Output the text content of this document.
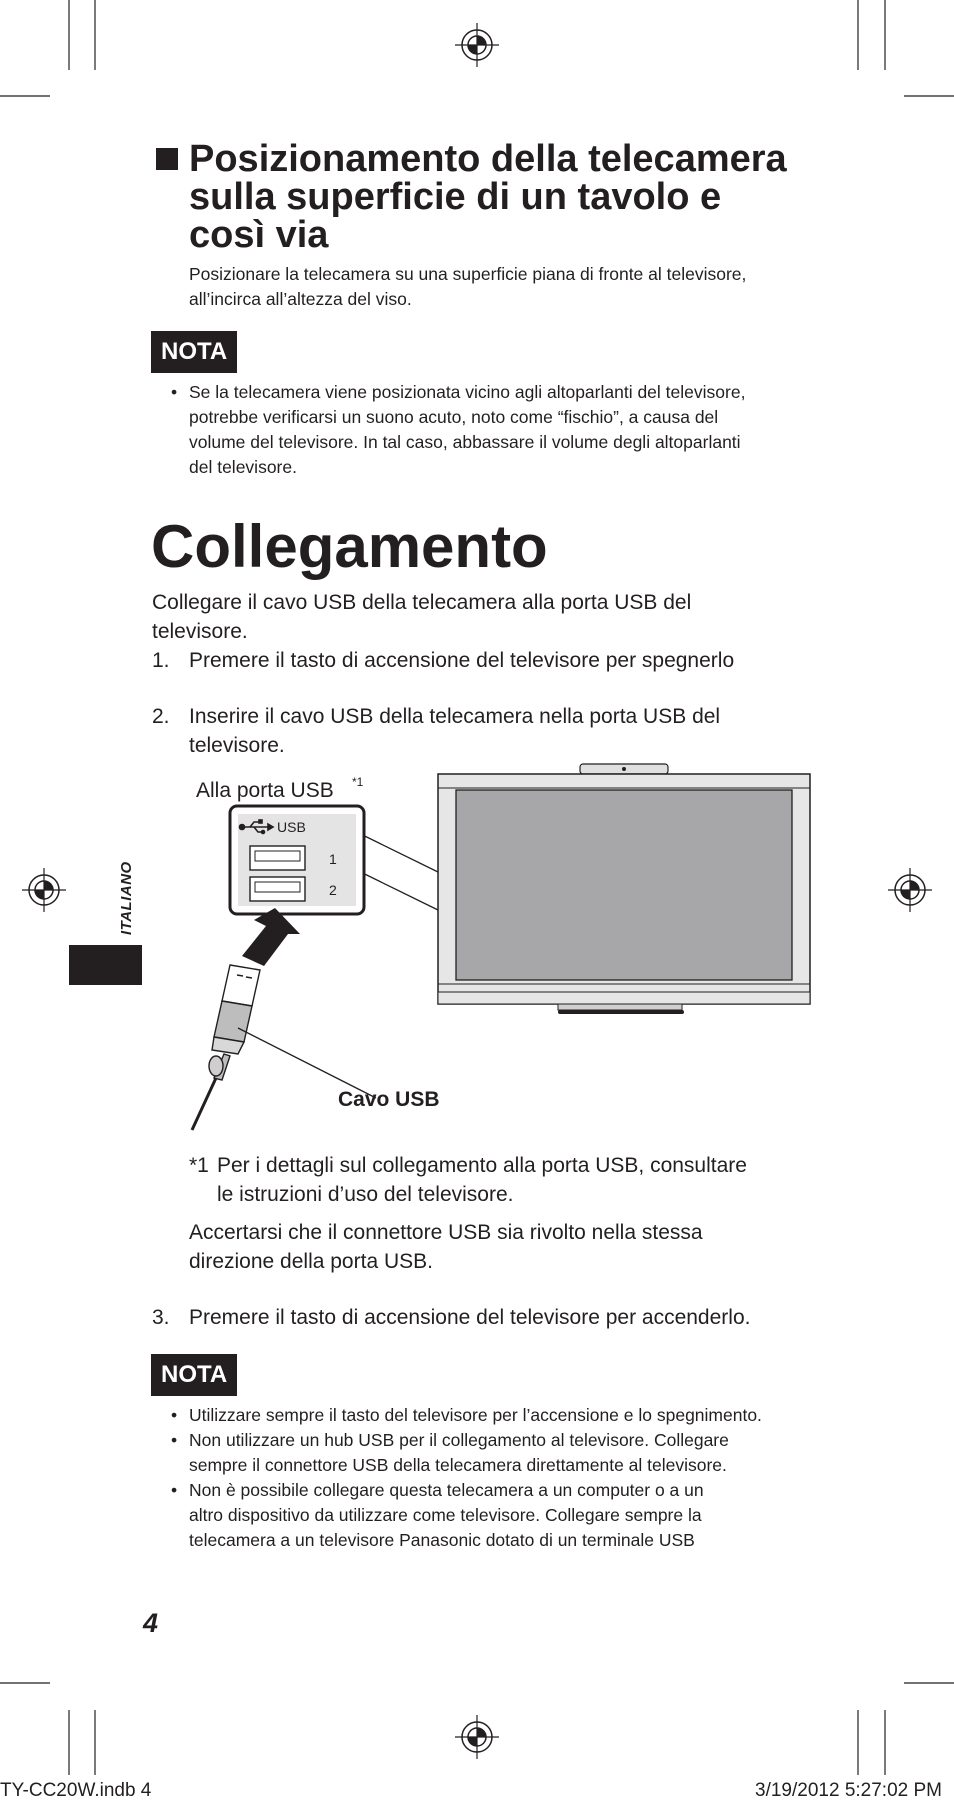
Posizionamento della telecamera
sulla superficie di un tavolo e
così via
Posizionare la telecamera su una superficie piana di fronte al televisore,
all’incirca all’altezza del viso.
NOTA
• Se la telecamera viene posizionata vicino agli altoparlanti del televisore,
potrebbe verificarsi un suono acuto, noto come “fischio”, a causa del
volume del televisore. In tal caso, abbassare il volume degli altoparlanti
del televisore.
Collegamento
Collegare il cavo USB della telecamera alla porta USB del
televisore.
1. Premere il tasto di accensione del televisore per spegnerlo
2. Inserire il cavo USB della telecamera nella porta USB del
televisore.
Alla porta USB *1
USB
1
2
Cavo USB
*1 Per i dettagli sul collegamento alla porta USB, consultare
le istruzioni d’uso del televisore.
Accertarsi che il connettore USB sia rivolto nella stessa
direzione della porta USB.
3. Premere il tasto di accensione del televisore per accenderlo.
NOTA
• Utilizzare sempre il tasto del televisore per l’accensione e lo spegnimento.
• Non utilizzare un hub USB per il collegamento al televisore. Collegare
sempre il connettore USB della telecamera direttamente al televisore.
• Non è possibile collegare questa telecamera a un computer o a un
altro dispositivo da utilizzare come televisore. Collegare sempre la
telecamera a un televisore Panasonic dotato di un terminale USB
ITALIANO
4
TY-CC20W.indb 4	3/19/2012 5:27:02 PM
